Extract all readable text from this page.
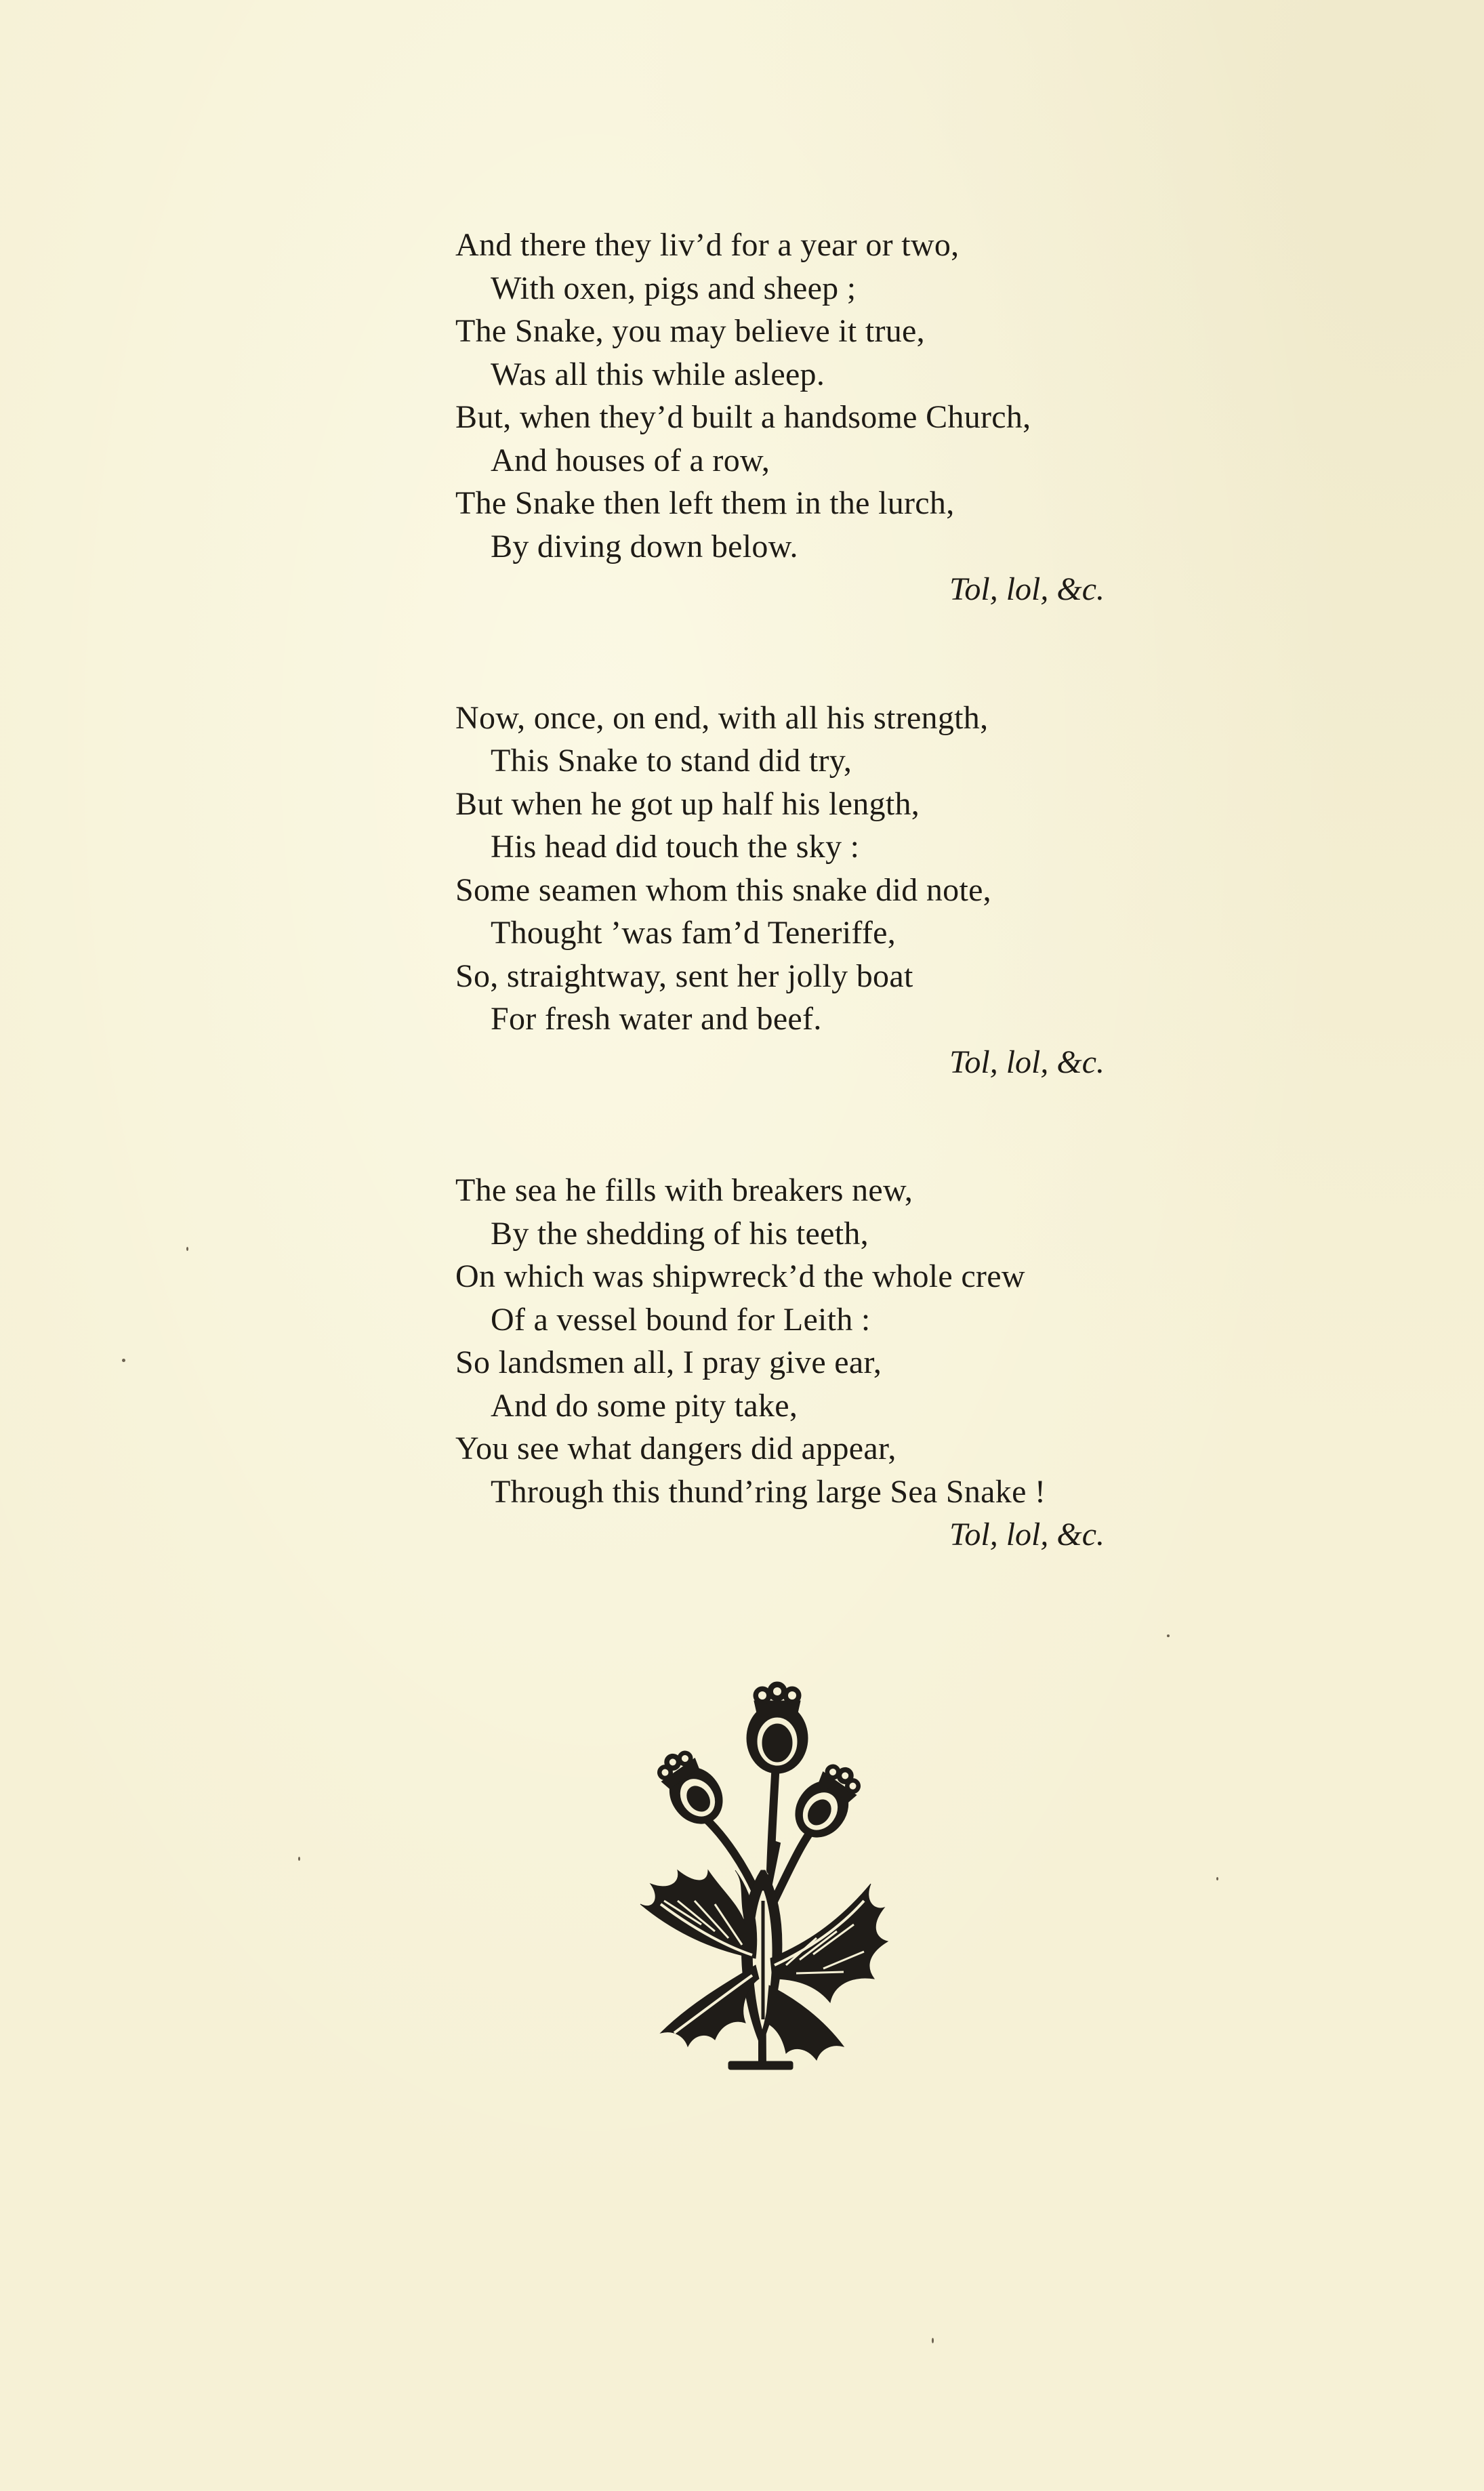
And there they liv’d for a year or two,
With oxen, pigs and sheep ;
The Snake, you may believe it true,
Was all this while asleep.
But, when they’d built a handsome Church,
And houses of a row,
The Snake then left them in the lurch,
By diving down below.
Tol, lol, &c.
Now, once, on end, with all his strength,
This Snake to stand did try,
But when he got up half his length,
His head did touch the sky :
Some seamen whom this snake did note,
Thought ’was fam’d Teneriffe,
So, straightway, sent her jolly boat
For fresh water and beef.
Tol, lol, &c.
The sea he fills with breakers new,
By the shedding of his teeth,
On which was shipwreck’d the whole crew
Of a vessel bound for Leith :
So landsmen all, I pray give ear,
And do some pity take,
You see what dangers did appear,
Through this thund’ring large Sea Snake !
Tol, lol, &c.
